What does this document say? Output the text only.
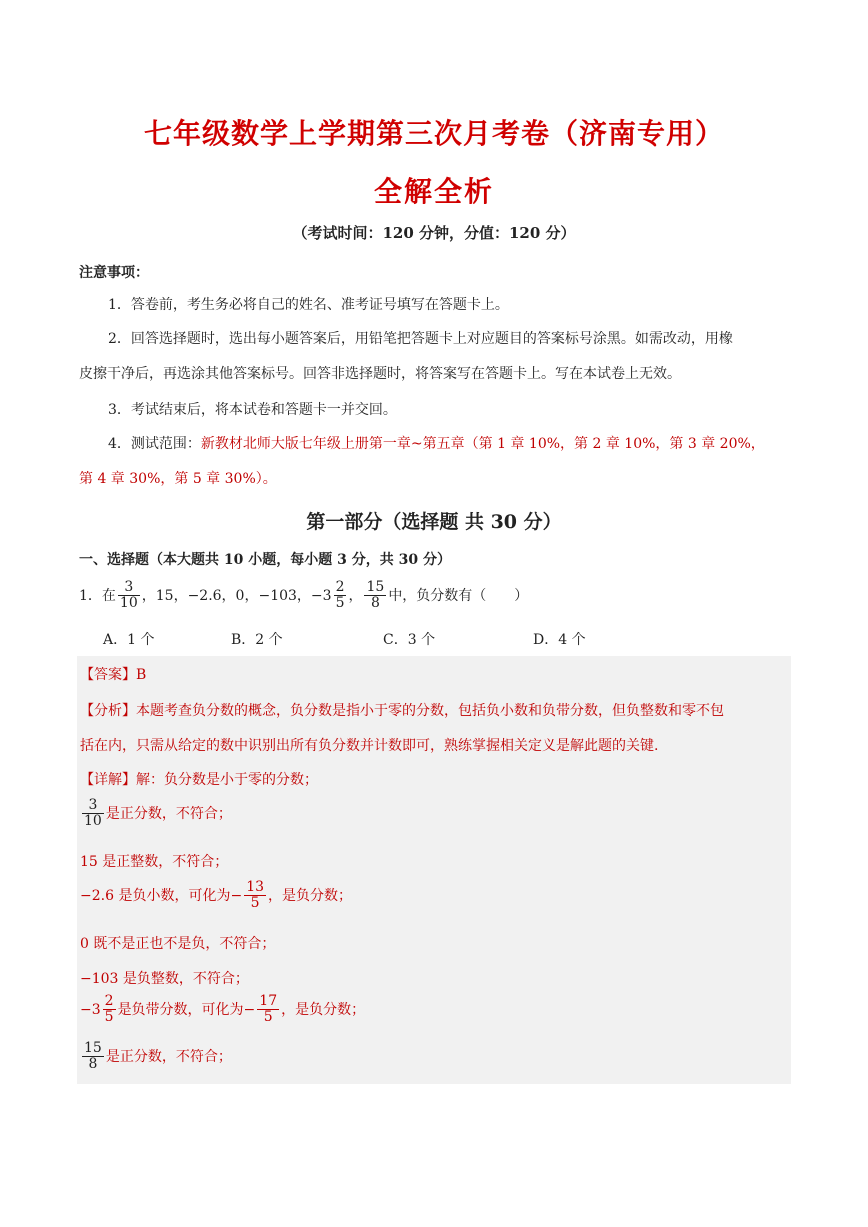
七年级数学上学期第三次月考卷（济南专用）
全解全析
（考试时间：120 分钟，分值：120 分）
注意事项：
1．答卷前，考生务必将自己的姓名、准考证号填写在答题卡上。
2．回答选择题时，选出每小题答案后，用铅笔把答题卡上对应题目的答案标号涂黑。如需改动，用橡
皮擦干净后，再选涂其他答案标号。回答非选择题时，将答案写在答题卡上。写在本试卷上无效。
3．考试结束后，将本试卷和答题卡一并交回。
4．测试范围：新教材北师大版七年级上册第一章~第五章（第 1 章 10%，第 2 章 10%，第 3 章 20%，
第 4 章 30%，第 5 章 30%）。
第一部分（选择题 共 30 分）
一、选择题（本大题共 10 小题，每小题 3 分，共 30 分）
1．在 $\frac{3}{10}$ ，15，−2.6，0，−103，$-3 \frac{2}{5}$ ， $\frac{15}{8}$ 中，负分数有（　　）
A．1 个	B．2 个	C．3 个	D．4 个
【答案】B
【分析】本题考查负分数的概念，负分数是指小于零的分数，包括负小数和负带分数，但负整数和零不包
括在内，只需从给定的数中识别出所有负分数并计数即可，熟练掌握相关定义是解此题的关键.
【详解】解：负分数是小于零的分数；
$\frac{3}{10}$ 是正分数，不符合；
15 是正整数，不符合；
−2.6 是负小数，可化为− $\frac{13}{5}$ ，是负分数；
0 既不是正也不是负，不符合；
−103 是负整数，不符合；
$-3 \frac{2}{5}$ 是负带分数，可化为− $\frac{17}{5}$ ，是负分数；
$\frac{15}{8}$ 是正分数，不符合；
